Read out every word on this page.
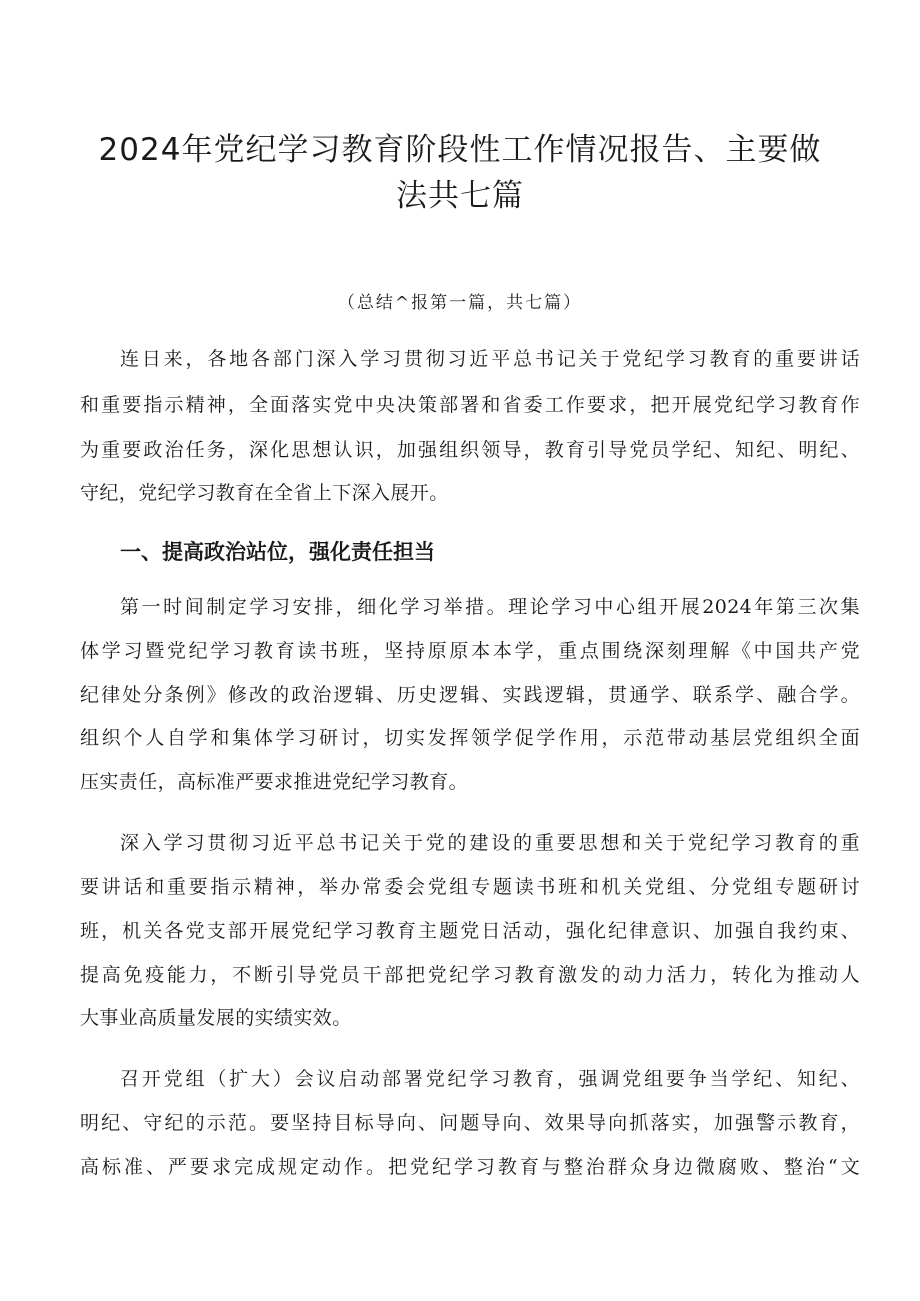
2024年党纪学习教育阶段性工作情况报告、主要做
法共七篇
（总结^报第一篇，共七篇）
连日来，各地各部门深入学习贯彻习近平总书记关于党纪学习教育的重要讲话
和重要指示精神，全面落实党中央决策部署和省委工作要求，把开展党纪学习教育作
为重要政治任务，深化思想认识，加强组织领导，教育引导党员学纪、知纪、明纪、
守纪，党纪学习教育在全省上下深入展开。
一、提高政治站位，强化责任担当
第一时间制定学习安排，细化学习举措。理论学习中心组开展2024年第三次集
体学习暨党纪学习教育读书班，坚持原原本本学，重点围绕深刻理解《中国共产党
纪律处分条例》修改的政治逻辑、历史逻辑、实践逻辑，贯通学、联系学、融合学。
组织个人自学和集体学习研讨，切实发挥领学促学作用，示范带动基层党组织全面
压实责任，高标准严要求推进党纪学习教育。
深入学习贯彻习近平总书记关于党的建设的重要思想和关于党纪学习教育的重
要讲话和重要指示精神，举办常委会党组专题读书班和机关党组、分党组专题研讨
班，机关各党支部开展党纪学习教育主题党日活动，强化纪律意识、加强自我约束、
提高免疫能力，不断引导党员干部把党纪学习教育激发的动力活力，转化为推动人
大事业高质量发展的实绩实效。
召开党组（扩大）会议启动部署党纪学习教育，强调党组要争当学纪、知纪、
明纪、守纪的示范。要坚持目标导向、问题导向、效果导向抓落实，加强警示教育，
高标准、严要求完成规定动作。把党纪学习教育与整治群众身边微腐败、整治“文
